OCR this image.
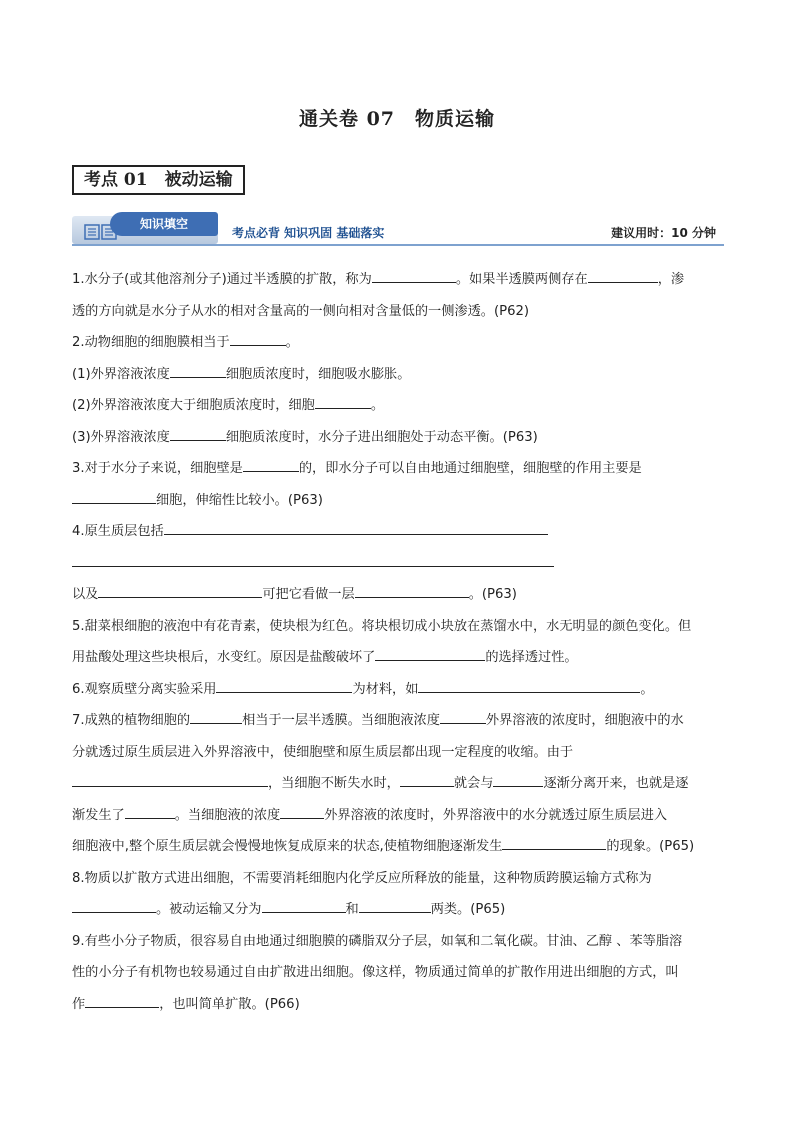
通关卷 07　物质运输
考点 01　被动运输
知识填空
考点必背 知识巩固 基础落实	建议用时：10 分钟
1.水分子(或其他溶剂分子)通过半透膜的扩散，称为	。如果半透膜两侧存在	，渗
透的方向就是水分子从水的相对含量高的一侧向相对含量低的一侧渗透。(P62)
2.动物细胞的细胞膜相当于	。
(1)外界溶液浓度	细胞质浓度时，细胞吸水膨胀。
(2)外界溶液浓度大于细胞质浓度时，细胞	。
(3)外界溶液浓度	细胞质浓度时，水分子进出细胞处于动态平衡。(P63)
3.对于水分子来说，细胞壁是	的，即水分子可以自由地通过细胞壁，细胞壁的作用主要是
细胞，伸缩性比较小。(P63)
4.原生质层包括
以及	可把它看做一层	。(P63)
5.甜菜根细胞的液泡中有花青素，使块根为红色。将块根切成小块放在蒸馏水中，水无明显的颜色变化。但
用盐酸处理这些块根后，水变红。原因是盐酸破坏了	的选择透过性。
6.观察质壁分离实验采用	为材料，如	。
7.成熟的植物细胞的	相当于一层半透膜。当细胞液浓度	外界溶液的浓度时，细胞液中的水
分就透过原生质层进入外界溶液中，使细胞壁和原生质层都出现一定程度的收缩。由于
，当细胞不断失水时，	就会与	逐渐分离开来，也就是逐
渐发生了	。当细胞液的浓度	外界溶液的浓度时，外界溶液中的水分就透过原生质层进入
细胞液中,整个原生质层就会慢慢地恢复成原来的状态,使植物细胞逐渐发生	的现象。(P65)
8.物质以扩散方式进出细胞，不需要消耗细胞内化学反应所释放的能量，这种物质跨膜运输方式称为
。被动运输又分为	和	两类。(P65)
9.有些小分子物质，很容易自由地通过细胞膜的磷脂双分子层，如氧和二氧化碳。甘油、乙醇 、苯等脂溶
性的小分子有机物也较易通过自由扩散进出细胞。像这样，物质通过简单的扩散作用进出细胞的方式，叫
作	，也叫简单扩散。(P66)
